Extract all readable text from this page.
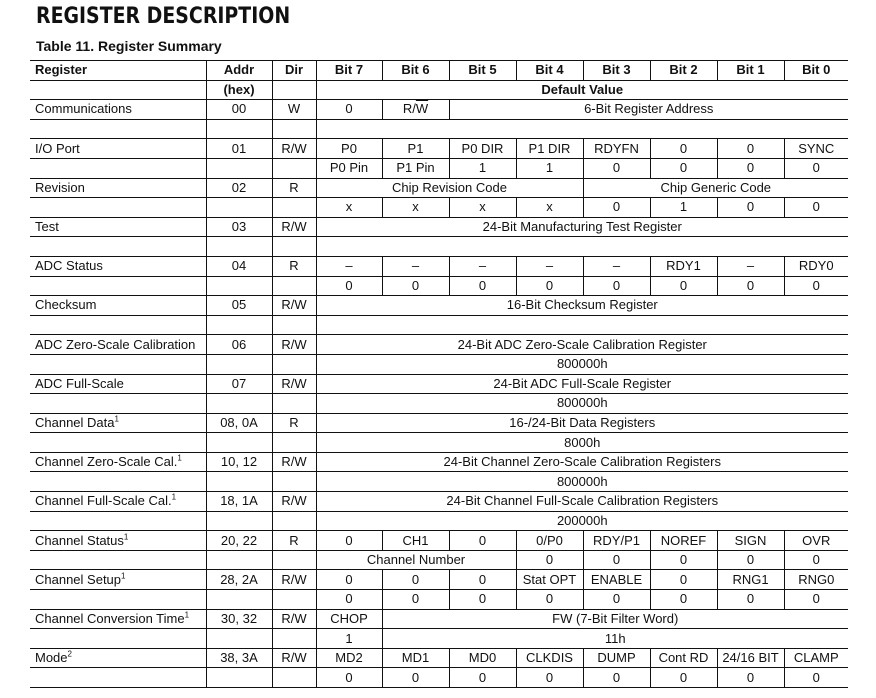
REGISTER DESCRIPTION
Table 11. Register Summary
Register	Addr	Dir	Bit 7	Bit 6	Bit 5	Bit 4	Bit 3	Bit 2	Bit 1	Bit 0
	(hex)		Default Value							
Communications	00	W	0	$R/\overline{W}$	6-Bit Register Address					

I/O Port	01	R/W	P0	P1	P0 DIR	P1 DIR	RDYFN	0	0	SYNC
			P0 Pin	P1 Pin	1	1	0	0	0	0
Revision	02	R	Chip Revision Code				Chip Generic Code			
			x	x	x	x	0	1	0	0
Test	03	R/W	24-Bit Manufacturing Test Register							

ADC Status	04	R	–	–	–	–	–	RDY1	–	RDY0
			0	0	0	0	0	0	0	0
Checksum	05	R/W	16-Bit Checksum Register							

ADC Zero-Scale Calibration	06	R/W	24-Bit ADC Zero-Scale Calibration Register							
			800000h							
ADC Full-Scale	07	R/W	24-Bit ADC Full-Scale Register							
			800000h							
Channel Data$^1$	08, 0A	R	16-/24-Bit Data Registers							
			8000h							
Channel Zero-Scale Cal.$^1$	10, 12	R/W	24-Bit Channel Zero-Scale Calibration Registers							
			800000h							
Channel Full-Scale Cal.$^1$	18, 1A	R/W	24-Bit Channel Full-Scale Calibration Registers							
			200000h							
Channel Status$^1$	20, 22	R	0	CH1	0	0/P0	RDY/P1	NOREF	SIGN	OVR
			Channel Number			0	0	0	0	0
Channel Setup$^1$	28, 2A	R/W	0	0	0	Stat OPT	ENABLE	0	RNG1	RNG0
			0	0	0	0	0	0	0	0
Channel Conversion Time$^1$	30, 32	R/W	CHOP	FW (7-Bit Filter Word)						
			1	11h						
Mode$^2$	38, 3A	R/W	MD2	MD1	MD0	CLKDIS	DUMP	Cont RD	24/16 BIT	CLAMP
			0	0	0	0	0	0	0	0
